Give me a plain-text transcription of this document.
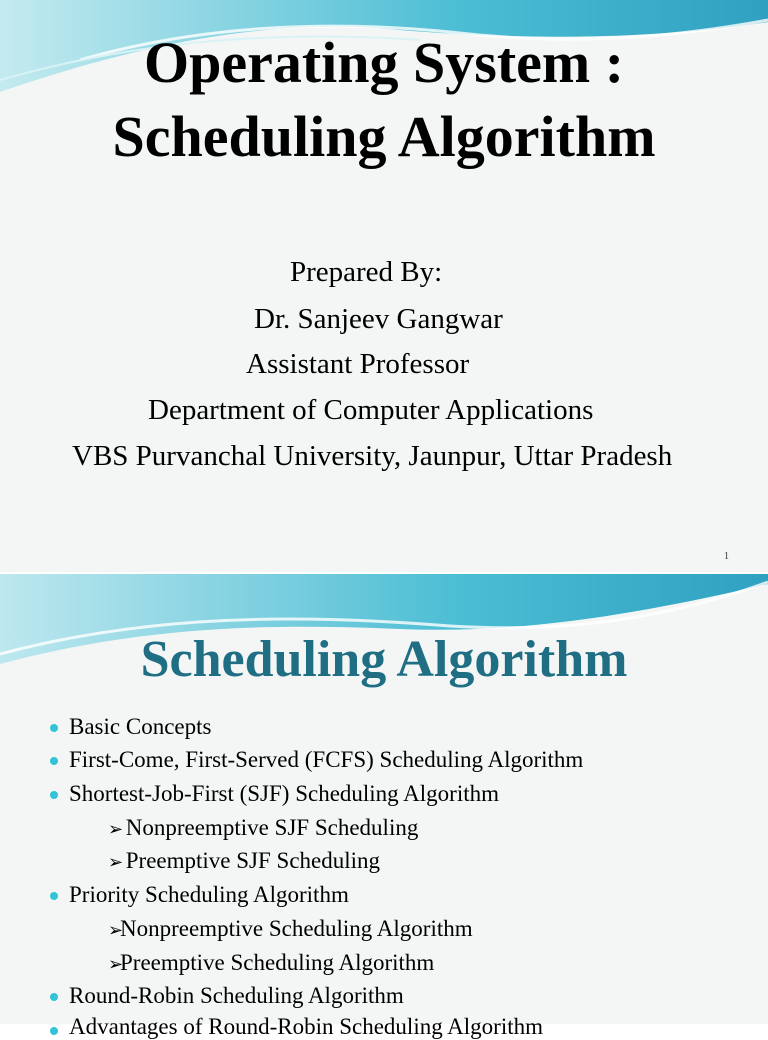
Operating System :
Scheduling Algorithm
Prepared By:
Dr. Sanjeev Gangwar
Assistant Professor
Department of Computer Applications
VBS Purvanchal University, Jaunpur, Uttar Pradesh
1
Scheduling Algorithm
Basic Concepts
First-Come, First-Served (FCFS) Scheduling Algorithm
Shortest-Job-First (SJF) Scheduling Algorithm
➢ Nonpreemptive SJF Scheduling
➢ Preemptive SJF Scheduling
Priority Scheduling Algorithm
➢Nonpreemptive Scheduling Algorithm
➢Preemptive Scheduling Algorithm
Round-Robin Scheduling Algorithm
Advantages of Round-Robin Scheduling Algorithm
